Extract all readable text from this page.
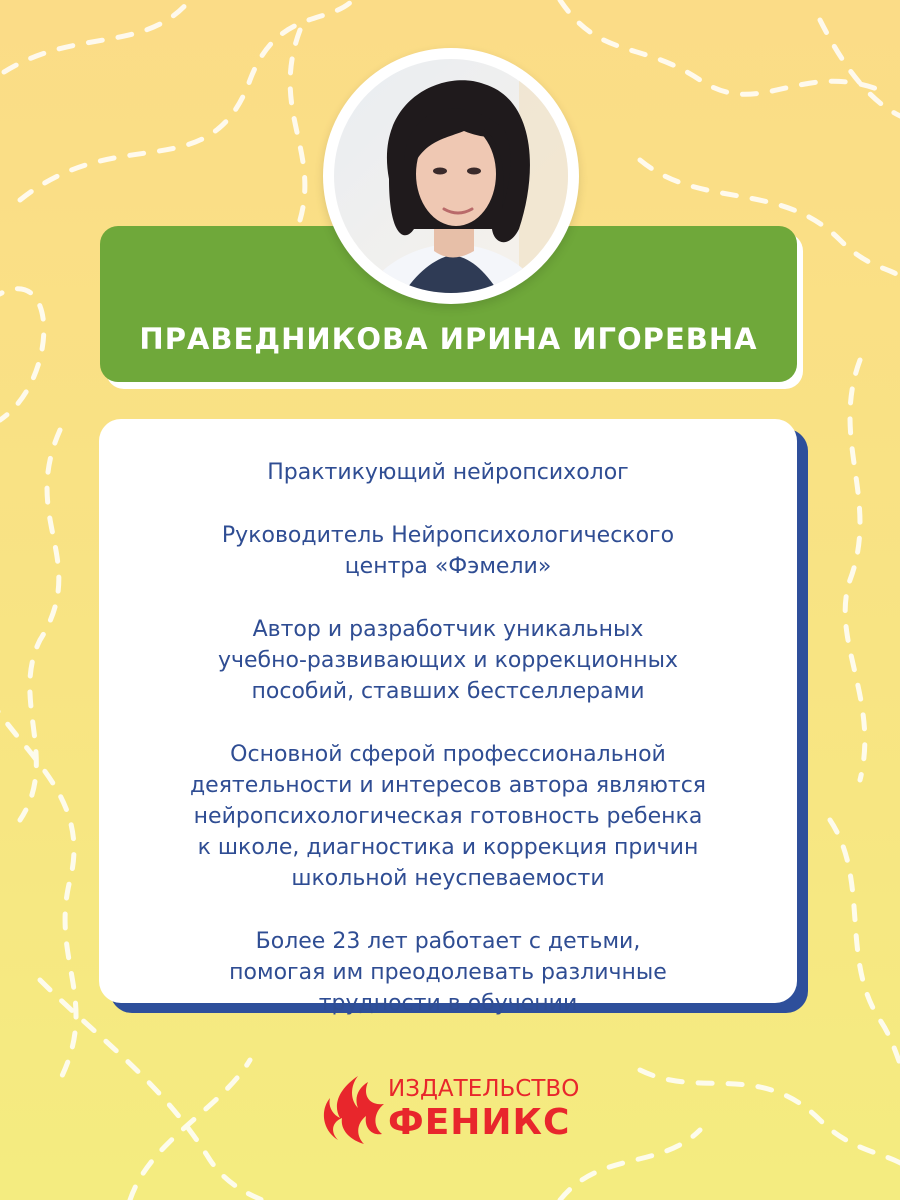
ПРАВЕДНИКОВА ИРИНА ИГОРЕВНА

Практикующий нейропсихолог

Руководитель Нейропсихологического
центра «Фэмели»

Автор и разработчик уникальных
учебно-развивающих и коррекционных
пособий, ставших бестселлерами

Основной сферой профессиональной
деятельности и интересов автора являются
нейропсихологическая готовность ребенка
к школе, диагностика и коррекция причин
школьной неуспеваемости

Более 23 лет работает с детьми,
помогая им преодолевать различные
трудности в обучении

ИЗДАТЕЛЬСТВО
ФЕНИКС
